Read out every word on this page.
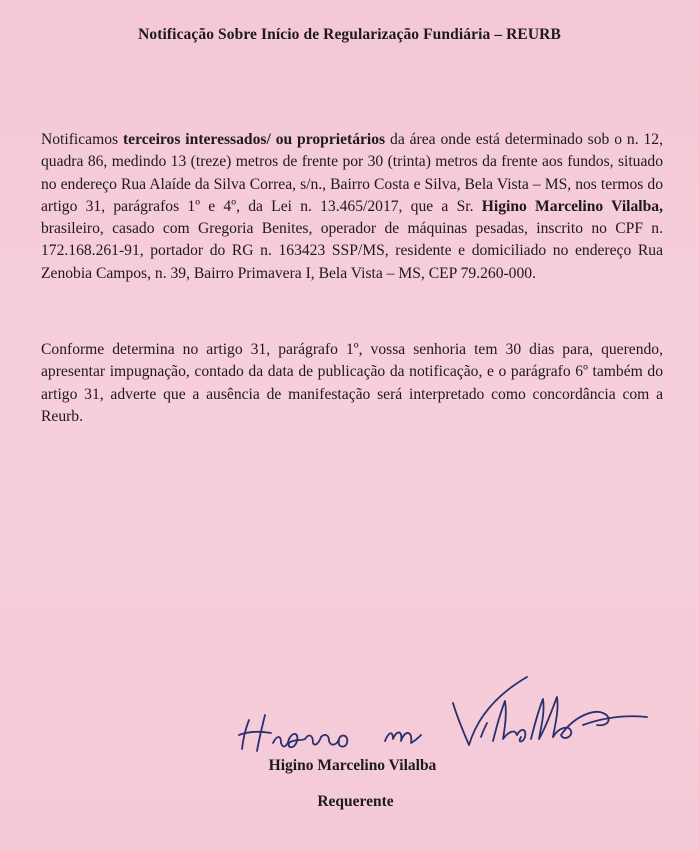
Notificação Sobre Início de Regularização Fundiária – REURB

Notificamos terceiros interessados/ ou proprietários da área onde está determinado sob o n. 12, quadra 86, medindo 13 (treze) metros de frente por 30 (trinta) metros da frente aos fundos, situado no endereço Rua Alaíde da Silva Correa, s/n., Bairro Costa e Silva, Bela Vista – MS, nos termos do artigo 31, parágrafos 1º e 4º, da Lei n. 13.465/2017, que a Sr. Higino Marcelino Vilalba, brasileiro, casado com Gregoria Benites, operador de máquinas pesadas, inscrito no CPF n. 172.168.261-91, portador do RG n. 163423 SSP/MS, residente e domiciliado no endereço Rua Zenobia Campos, n. 39, Bairro Primavera I, Bela Vista – MS, CEP 79.260-000.

Conforme determina no artigo 31, parágrafo 1º, vossa senhoria tem 30 dias para, querendo, apresentar impugnação, contado da data de publicação da notificação, e o parágrafo 6º também do artigo 31, adverte que a ausência de manifestação será interpretado como concordância com a Reurb.

Higino Marcelino Vilalba
Requerente
